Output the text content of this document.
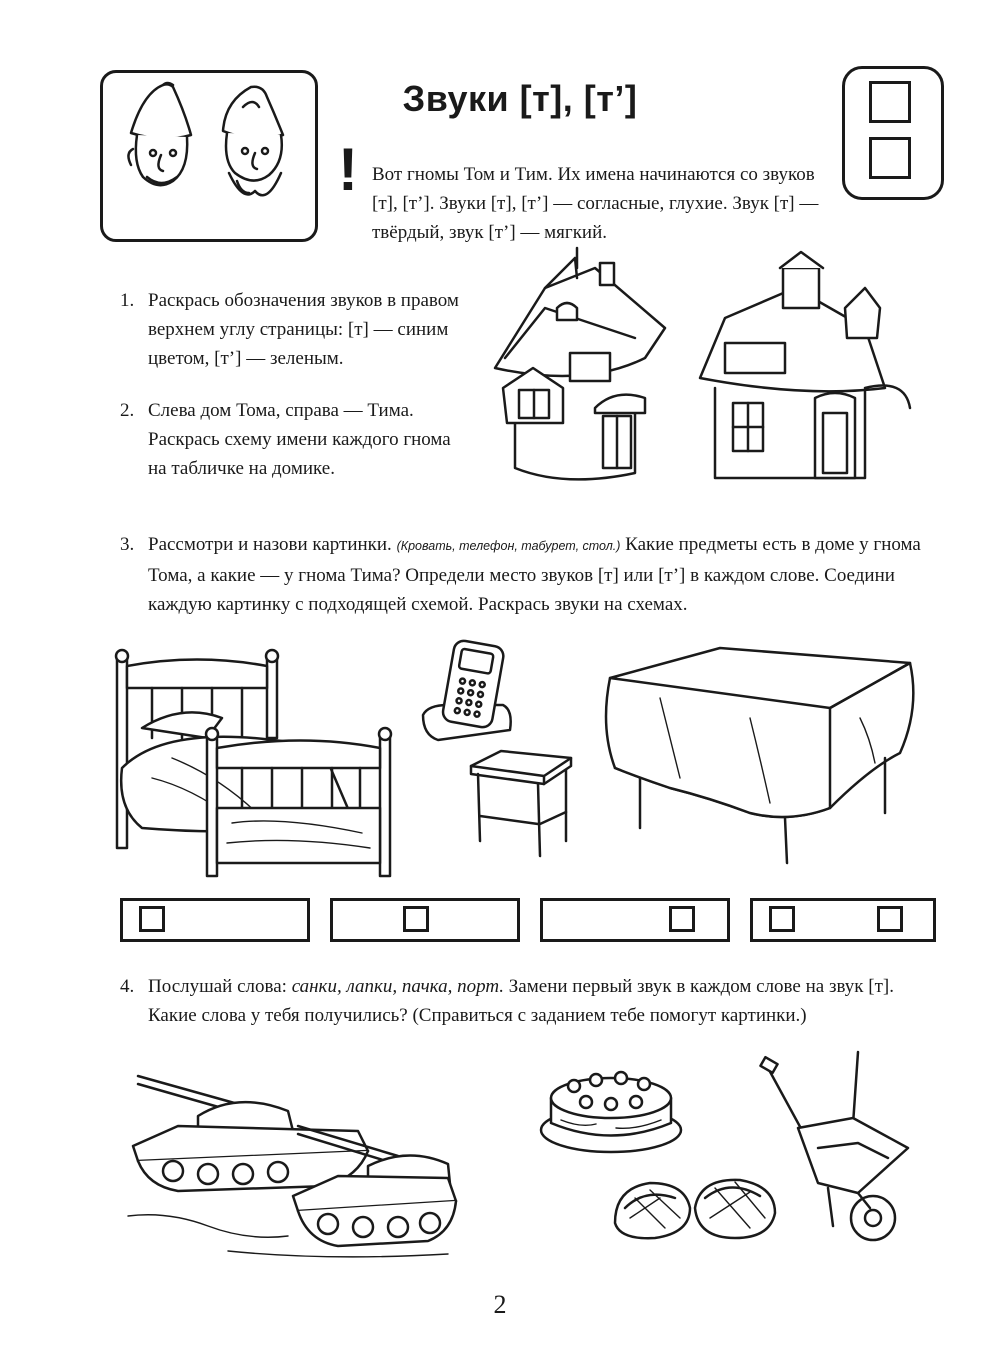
Звуки [т], [т’]
! Вот гномы Том и Тим. Их имена начинаются со звуков [т], [т’]. Звуки [т], [т’] — согласные, глухие. Звук [т] — твёрдый, звук [т’] — мягкий.
1. Раскрась обозначения звуков в правом верхнем углу страницы: [т] — синим цветом, [т’] — зеленым.
2. Слева дом Тома, справа — Тима. Раскрась схему имени каждого гнома на табличке на домике.
3. Рассмотри и назови картинки. (Кровать, телефон, табурет, стол.) Какие предметы есть в доме у гнома Тома, а какие — у гнома Тима? Определи место звуков [т] или [т’] в каждом слове. Соедини каждую картинку с подходящей схемой. Раскрась звуки на схемах.
4. Послушай слова: санки, лапки, пачка, порт. Замени первый звук в каждом слове на звук [т]. Какие слова у тебя получились? (Справиться с заданием тебе помогут картинки.)
2
